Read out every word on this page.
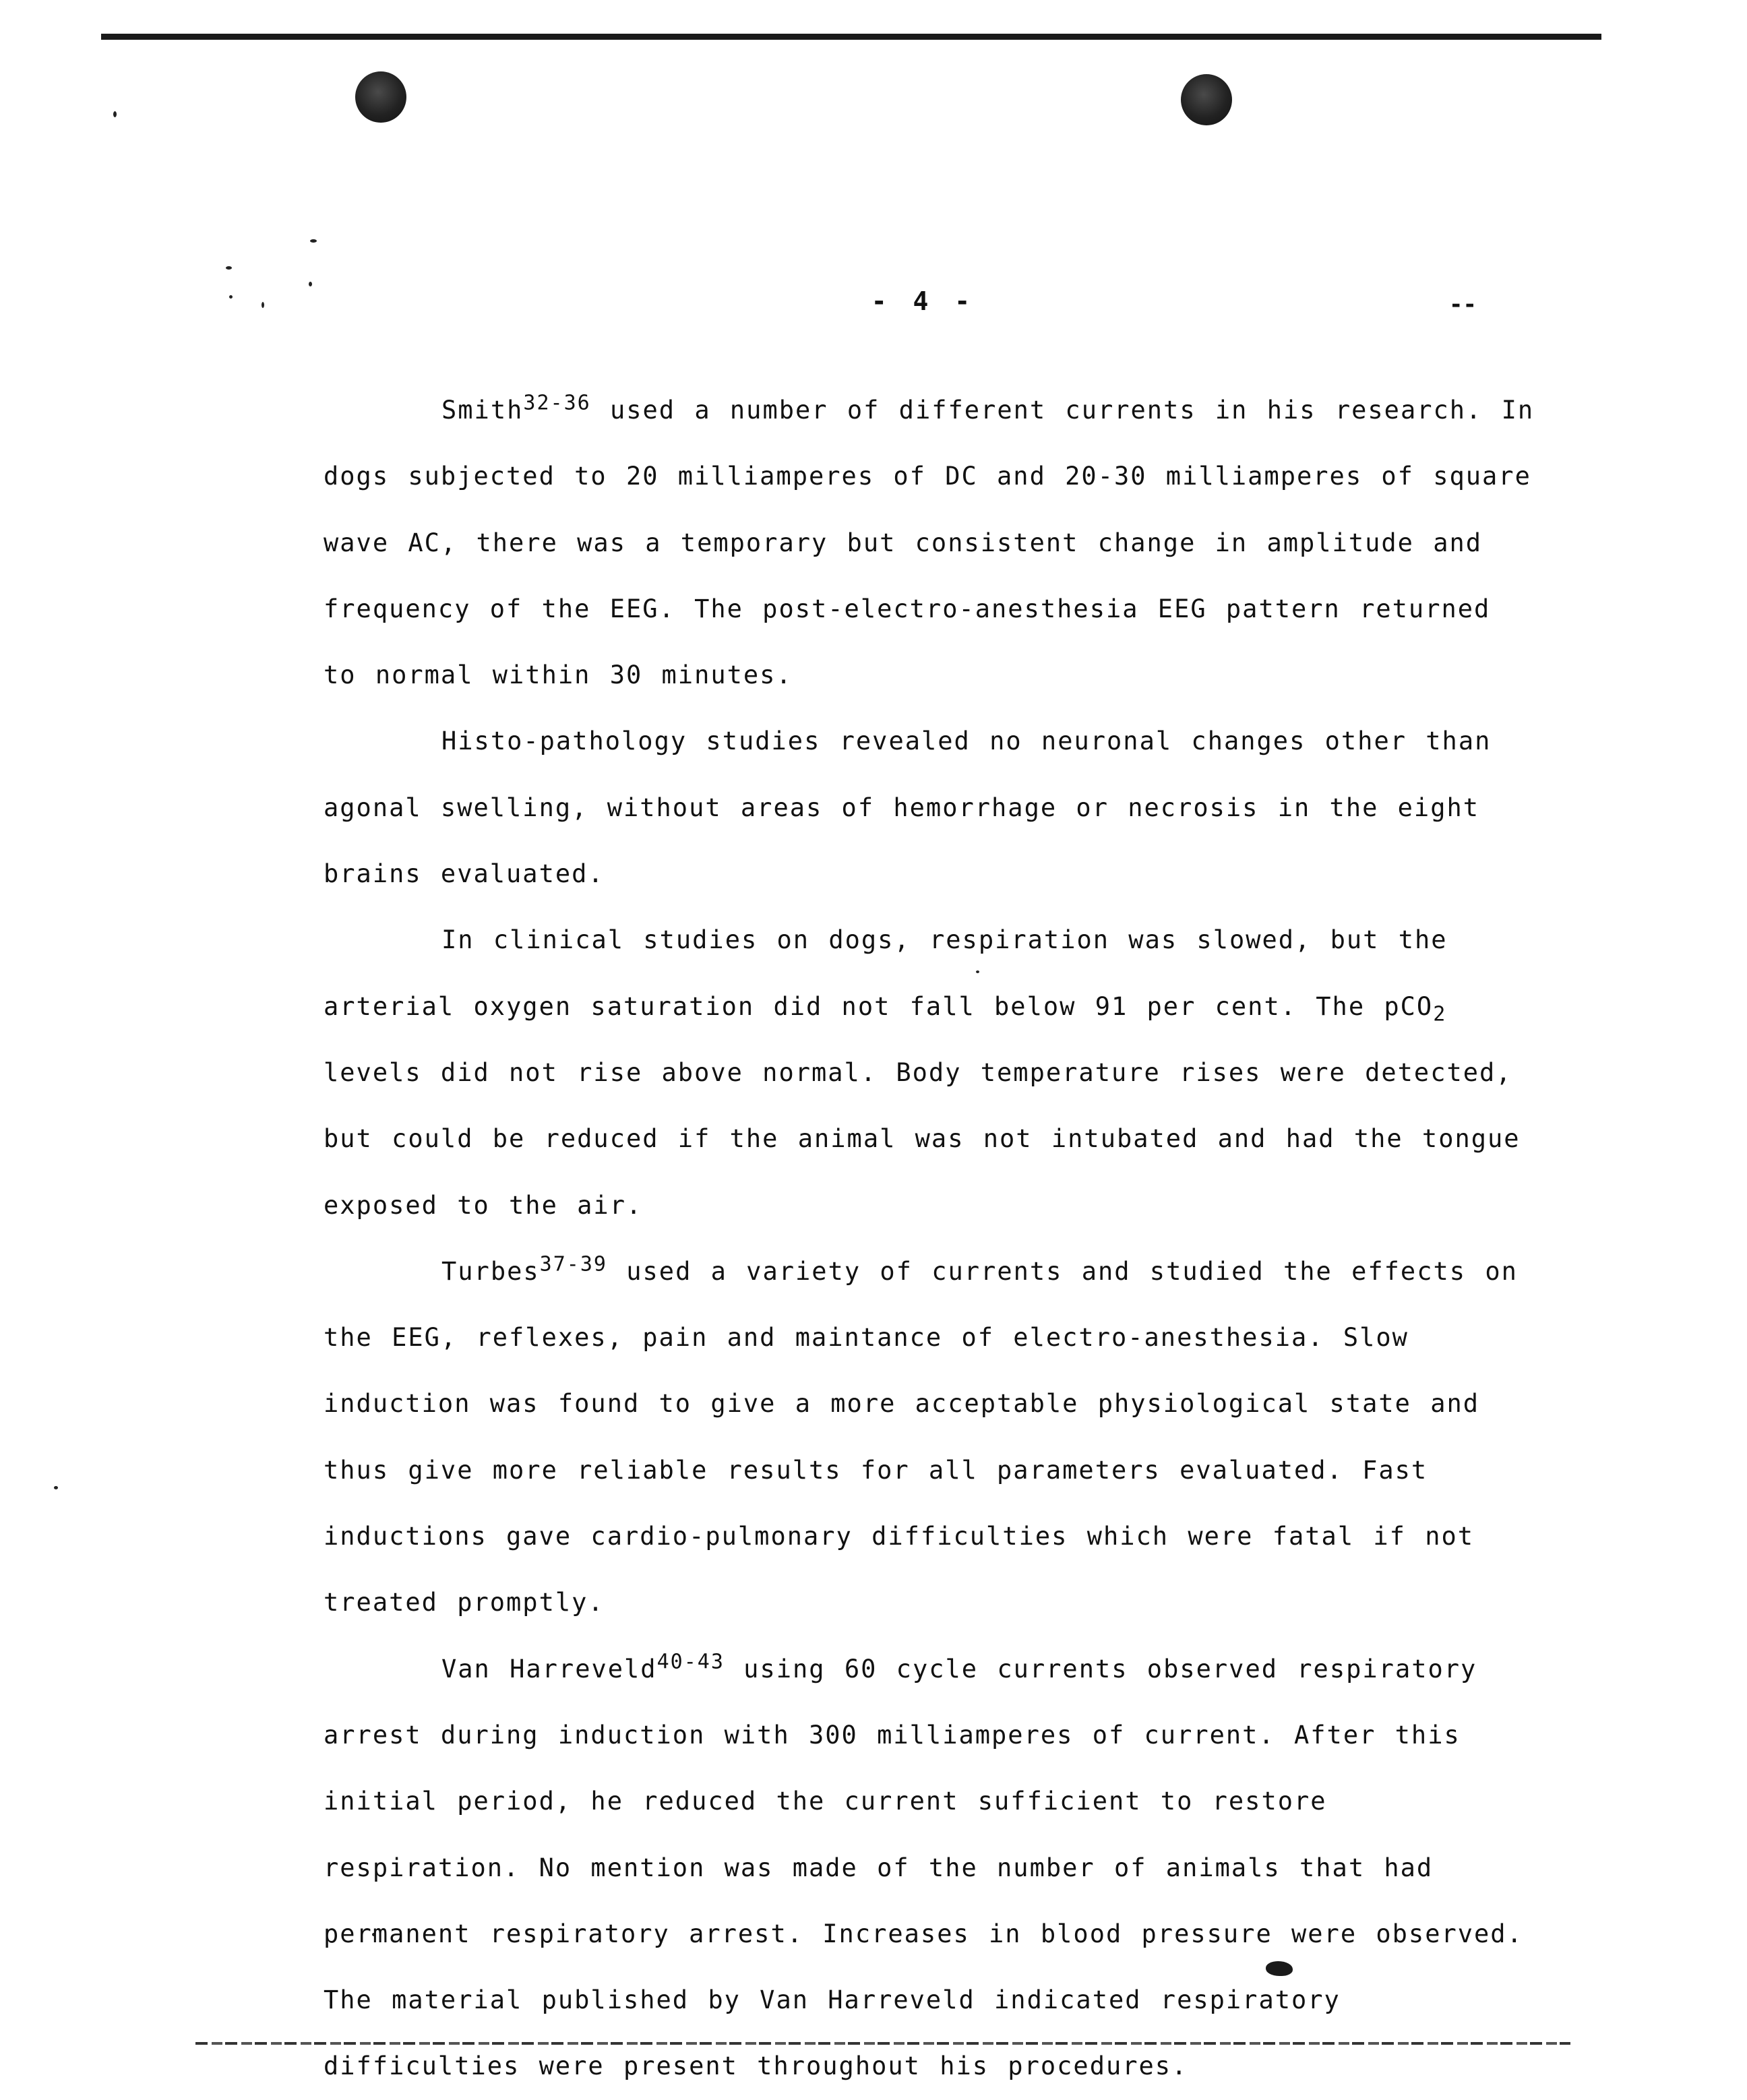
- 4 -	--

Smith$^{32-36}$ used a number of different currents in his research. In dogs subjected to 20 milliamperes of DC and 20-30 milliamperes of square wave AC, there was a temporary but consistent change in amplitude and frequency of the EEG. The post-electro-anesthesia EEG pattern returned to normal within 30 minutes.

Histo-pathology studies revealed no neuronal changes other than agonal swelling, without areas of hemorrhage or necrosis in the eight brains evaluated.

In clinical studies on dogs, respiration was slowed, but the arterial oxygen saturation did not fall below 91 per cent. The pCO$_2$ levels did not rise above normal. Body temperature rises were detected, but could be reduced if the animal was not intubated and had the tongue exposed to the air.

Turbes$^{37-39}$ used a variety of currents and studied the effects on the EEG, reflexes, pain and maintance of electro-anesthesia. Slow induction was found to give a more acceptable physiological state and thus give more reliable results for all parameters evaluated. Fast inductions gave cardio-pulmonary difficulties which were fatal if not treated promptly.

Van Harreveld$^{40-43}$ using 60 cycle currents observed respiratory arrest during induction with 300 milliamperes of current. After this initial period, he reduced the current sufficient to restore respiration. No mention was made of the number of animals that had permanent respiratory arrest. Increases in blood pressure were observed. The material published by Van Harreveld indicated respiratory difficulties were present throughout his procedures.
